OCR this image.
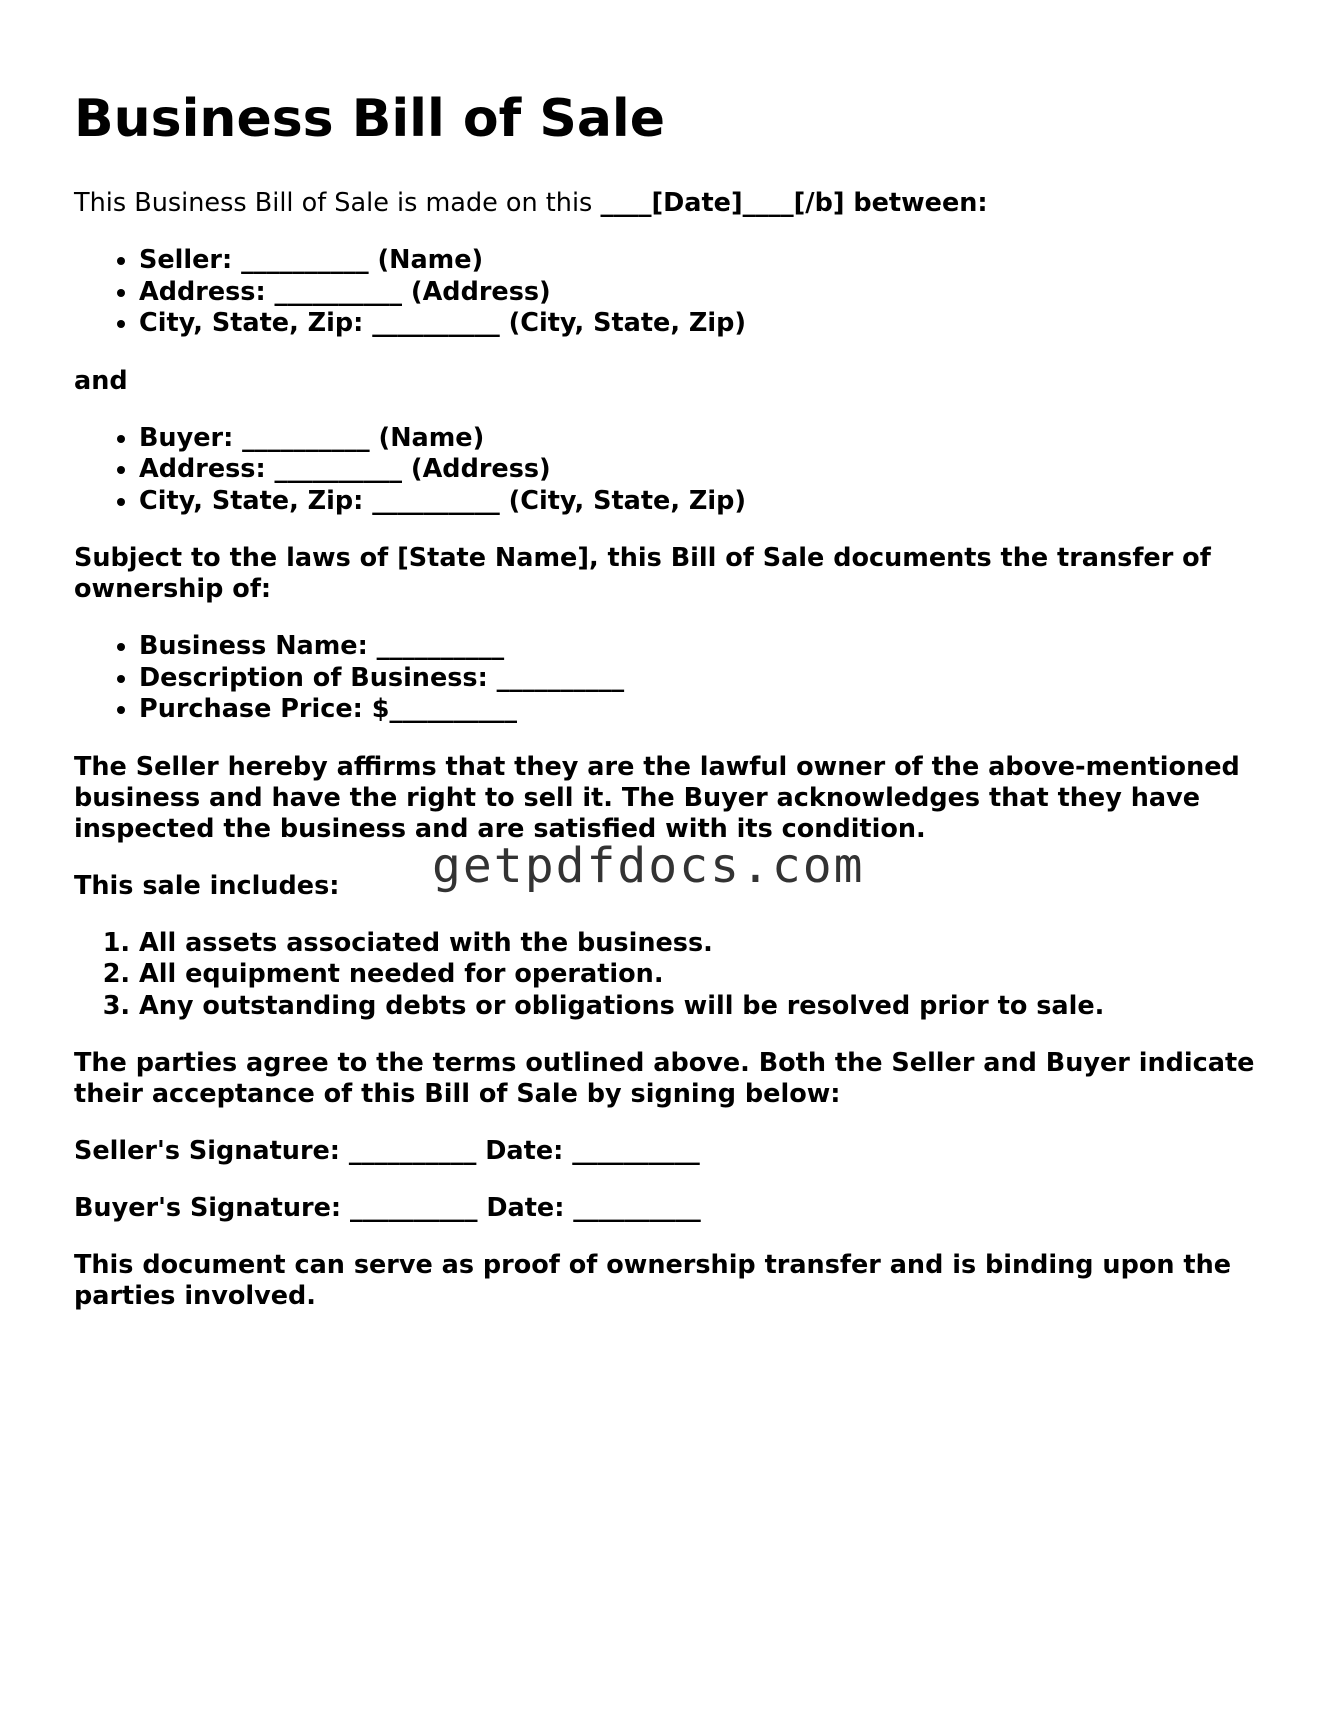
Business Bill of Sale

This Business Bill of Sale is made on this ____[Date]____[/b] between:

• Seller: __________ (Name)
• Address: __________ (Address)
• City, State, Zip: __________ (City, State, Zip)

and

• Buyer: __________ (Name)
• Address: __________ (Address)
• City, State, Zip: __________ (City, State, Zip)

Subject to the laws of [State Name], this Bill of Sale documents the transfer of ownership of:

• Business Name: __________
• Description of Business: __________
• Purchase Price: $__________

The Seller hereby affirms that they are the lawful owner of the above-mentioned business and have the right to sell it. The Buyer acknowledges that they have inspected the business and are satisfied with its condition.

This sale includes:

1. All assets associated with the business.
2. All equipment needed for operation.
3. Any outstanding debts or obligations will be resolved prior to sale.

The parties agree to the terms outlined above. Both the Seller and Buyer indicate their acceptance of this Bill of Sale by signing below:

Seller's Signature: __________ Date: __________

Buyer's Signature: __________ Date: __________

This document can serve as proof of ownership transfer and is binding upon the parties involved.

getpdfdocs.com
